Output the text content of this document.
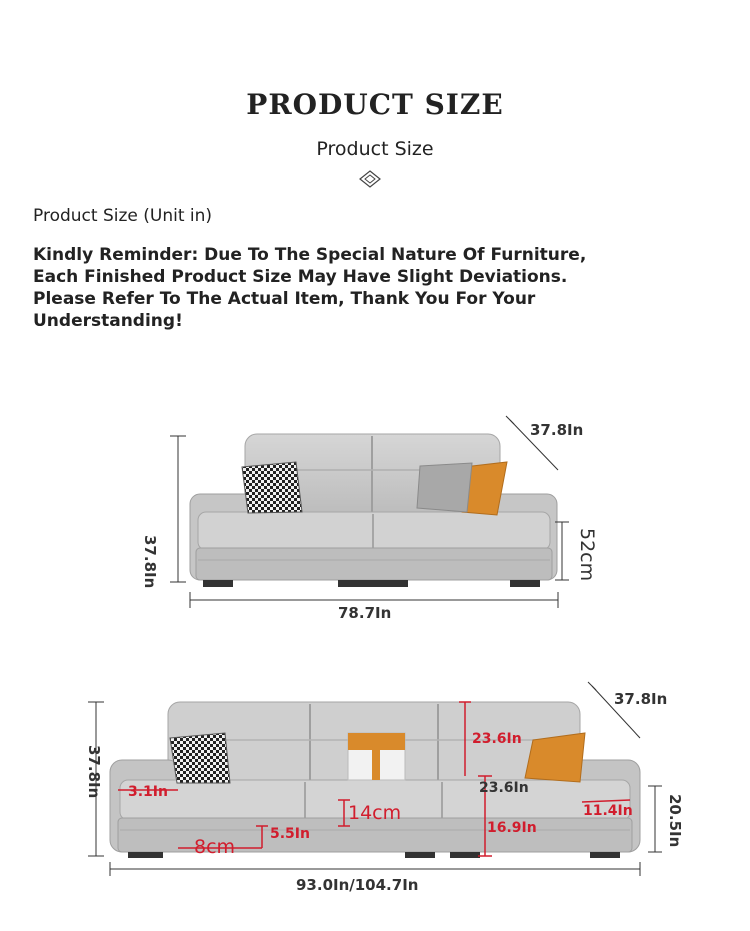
PRODUCT SIZE
Product Size
Product Size (Unit in)
Kindly Reminder: Due To The Special Nature Of Furniture,
Each Finished Product Size May Have Slight Deviations.
Please Refer To The Actual Item, Thank You For Your
Understanding!
37.8In
37.8In	52cm
78.7In
37.8In
37.8In 3.1In
14cm
5.5In
8cm
23.6In
23.6In
16.9In
11.4In 20.5In
93.0In/104.7In
